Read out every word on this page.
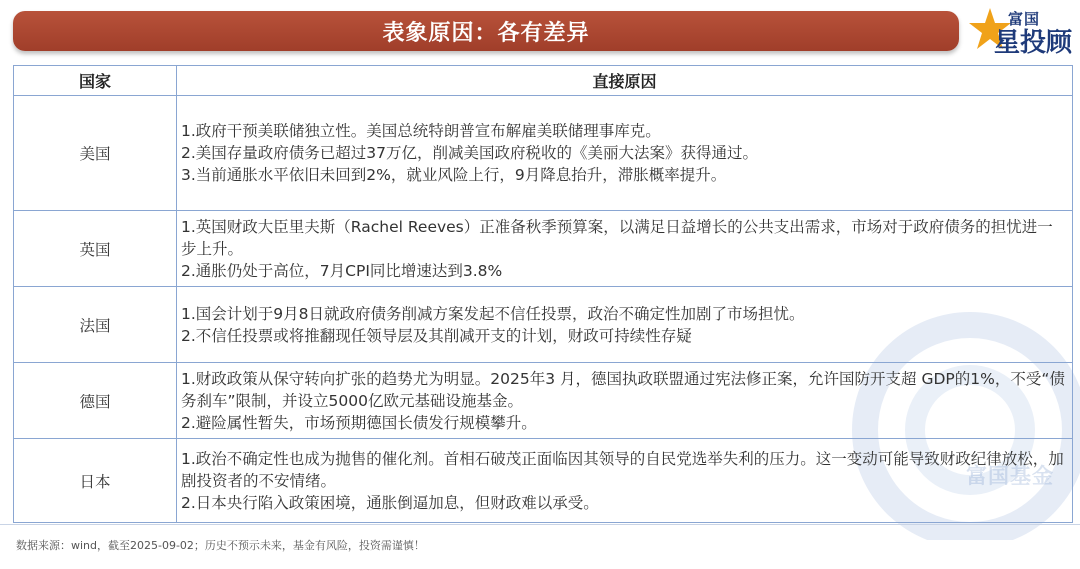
表象原因：各有差异
富国
星投顾
富国基金
国家	直接原因
美国	1.政府干预美联储独立性。美国总统特朗普宣布解雇美联储理事库克。
2.美国存量政府债务已超过37万亿，削减美国政府税收的《美丽大法案》获得通过。
3.当前通胀水平依旧未回到2%，就业风险上行，9月降息抬升，滞胀概率提升。

英国	1.英国财政大臣里夫斯（Rachel Reeves）正准备秋季预算案，以满足日益增长的公共支出需求，市场对于政府债务的担忧进一步上升。
2.通胀仍处于高位，7月CPI同比增速达到3.8%

法国	1.国会计划于9月8日就政府债务削减方案发起不信任投票，政治不确定性加剧了市场担忧。
2.不信任投票或将推翻现任领导层及其削减开支的计划，财政可持续性存疑

德国	1.财政政策从保守转向扩张的趋势尤为明显。2025年3 月，德国执政联盟通过宪法修正案，允许国防开支超 GDP的1%，不受“债务刹车”限制，并设立5000亿欧元基础设施基金。
2.避险属性暂失，市场预期德国长债发行规模攀升。

日本	1.政治不确定性也成为抛售的催化剂。首相石破茂正面临因其领导的自民党选举失利的压力。这一变动可能导致财政纪律放松，加剧投资者的不安情绪。
2.日本央行陷入政策困境，通胀倒逼加息，但财政难以承受。
数据来源：wind，截至2025-09-02；历史不预示未来，基金有风险，投资需谨慎！
